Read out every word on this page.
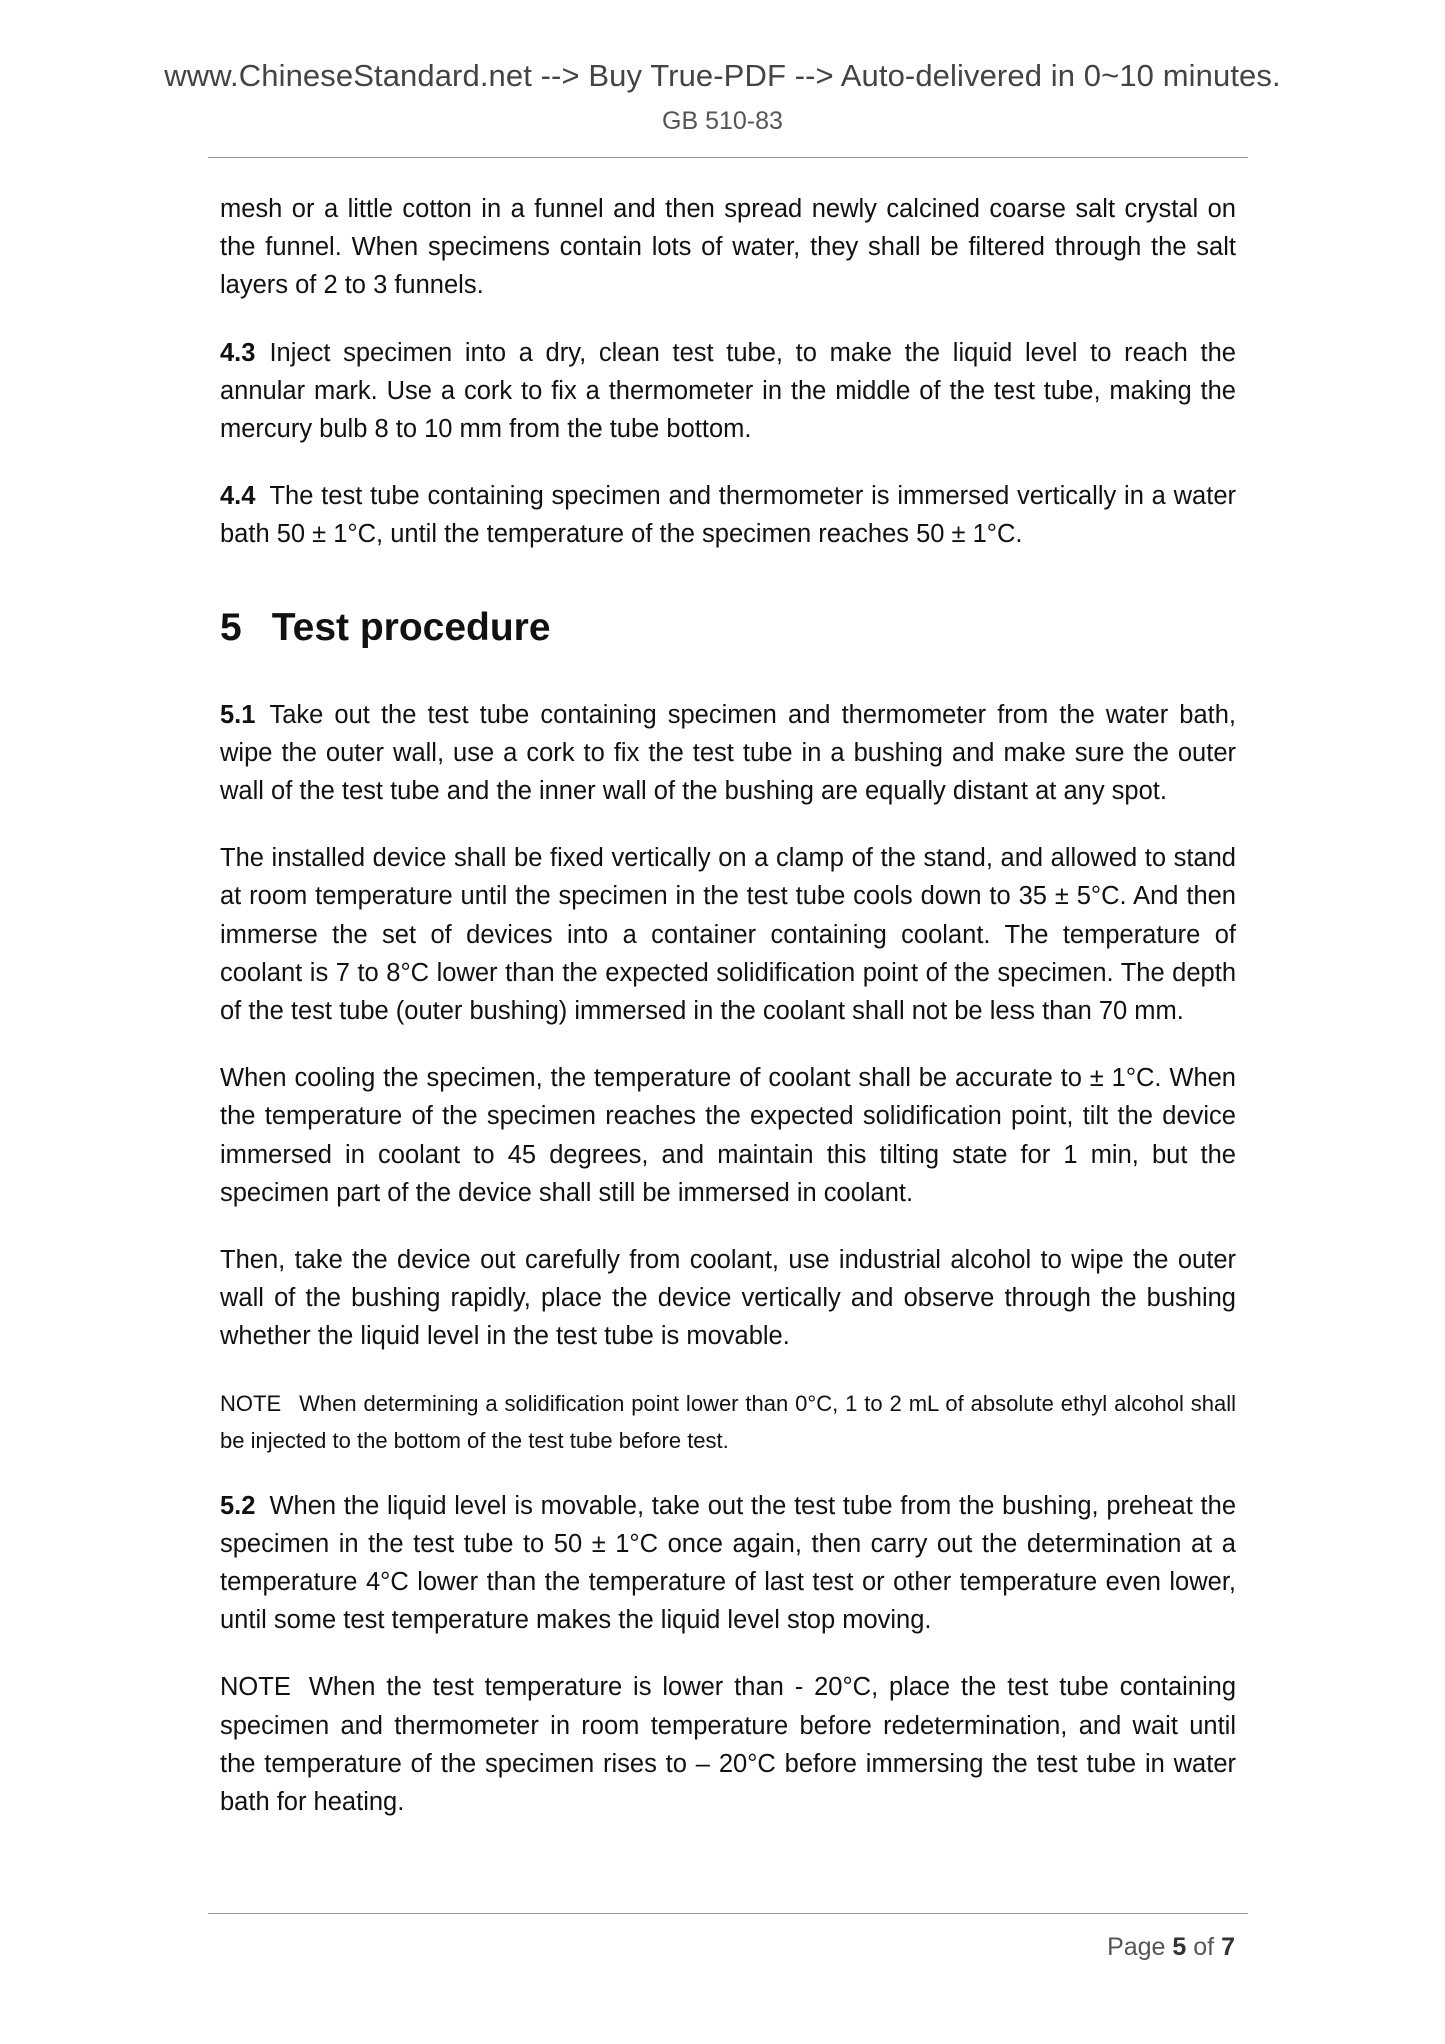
www.ChineseStandard.net --> Buy True-PDF --> Auto-delivered in 0~10 minutes.
GB 510-83

mesh or a little cotton in a funnel and then spread newly calcined coarse salt crystal on the funnel. When specimens contain lots of water, they shall be filtered through the salt layers of 2 to 3 funnels.

4.3 Inject specimen into a dry, clean test tube, to make the liquid level to reach the annular mark. Use a cork to fix a thermometer in the middle of the test tube, making the mercury bulb 8 to 10 mm from the tube bottom.

4.4 The test tube containing specimen and thermometer is immersed vertically in a water bath 50 ± 1°C, until the temperature of the specimen reaches 50 ± 1°C.

5 Test procedure

5.1 Take out the test tube containing specimen and thermometer from the water bath, wipe the outer wall, use a cork to fix the test tube in a bushing and make sure the outer wall of the test tube and the inner wall of the bushing are equally distant at any spot.

The installed device shall be fixed vertically on a clamp of the stand, and allowed to stand at room temperature until the specimen in the test tube cools down to 35 ± 5°C. And then immerse the set of devices into a container containing coolant. The temperature of coolant is 7 to 8°C lower than the expected solidification point of the specimen. The depth of the test tube (outer bushing) immersed in the coolant shall not be less than 70 mm.

When cooling the specimen, the temperature of coolant shall be accurate to ± 1°C. When the temperature of the specimen reaches the expected solidification point, tilt the device immersed in coolant to 45 degrees, and maintain this tilting state for 1 min, but the specimen part of the device shall still be immersed in coolant.

Then, take the device out carefully from coolant, use industrial alcohol to wipe the outer wall of the bushing rapidly, place the device vertically and observe through the bushing whether the liquid level in the test tube is movable.

NOTE When determining a solidification point lower than 0°C, 1 to 2 mL of absolute ethyl alcohol shall be injected to the bottom of the test tube before test.

5.2 When the liquid level is movable, take out the test tube from the bushing, preheat the specimen in the test tube to 50 ± 1°C once again, then carry out the determination at a temperature 4°C lower than the temperature of last test or other temperature even lower, until some test temperature makes the liquid level stop moving.

NOTE When the test temperature is lower than - 20°C, place the test tube containing specimen and thermometer in room temperature before redetermination, and wait until the temperature of the specimen rises to – 20°C before immersing the test tube in water bath for heating.

Page 5 of 7
